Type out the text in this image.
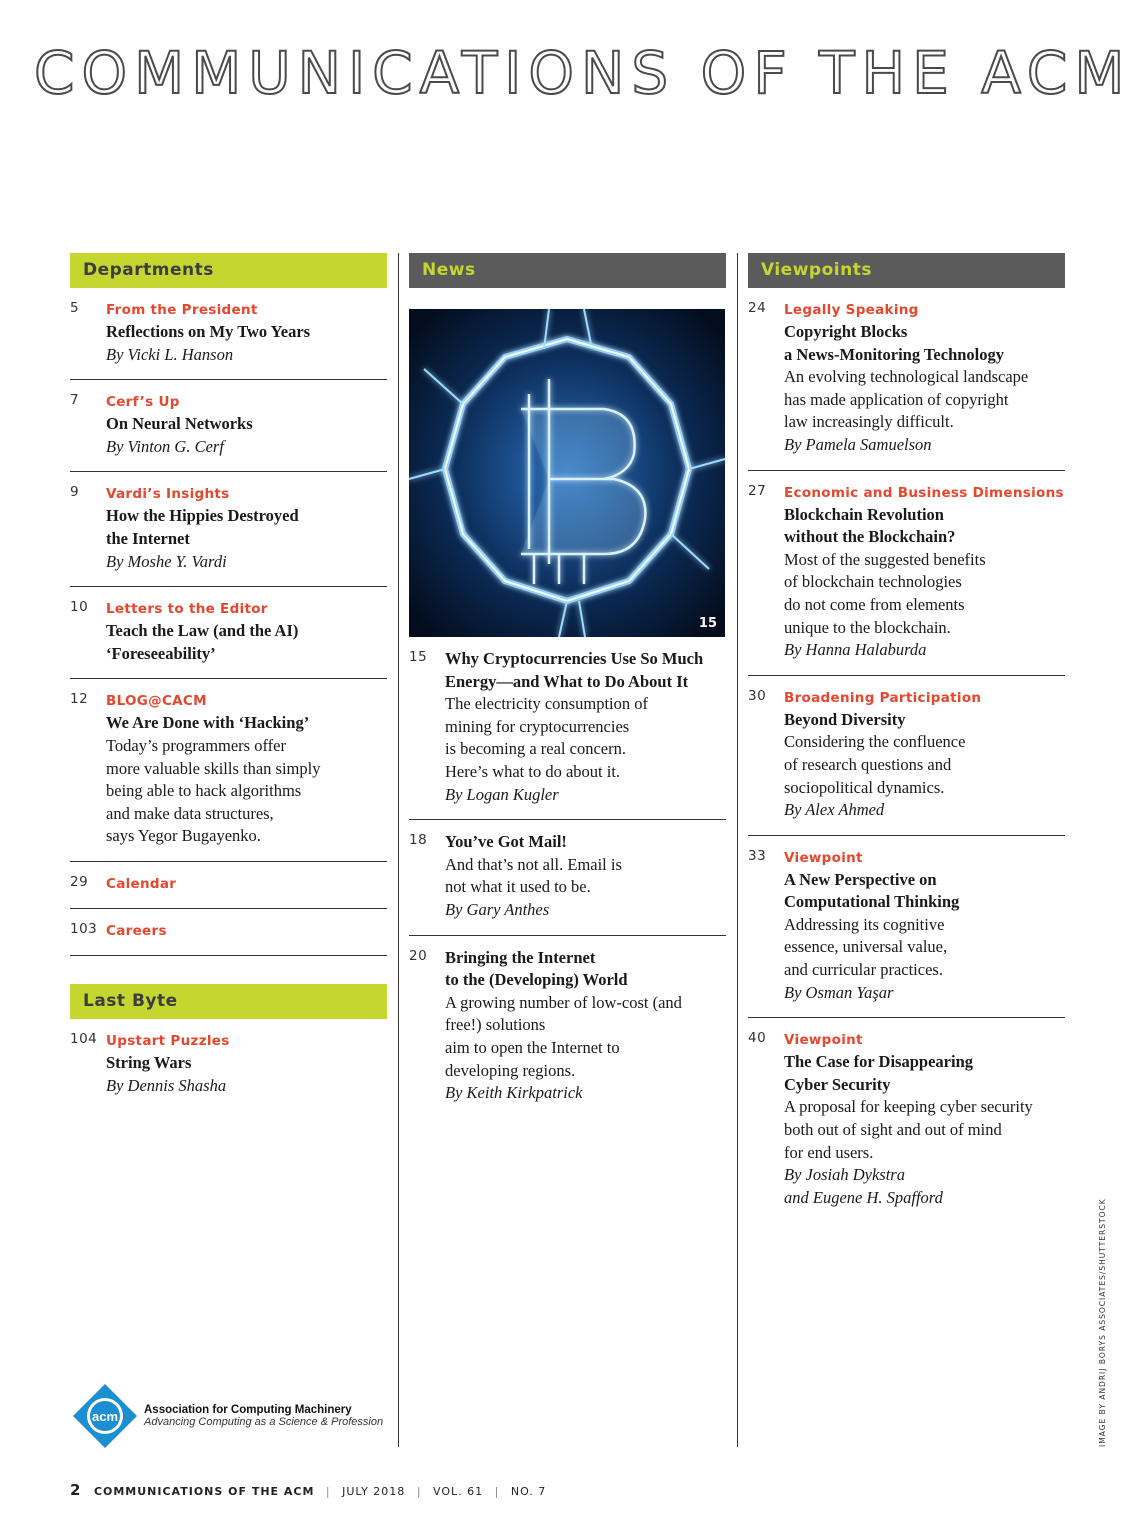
COMMUNICATIONS OF THE ACM
Departments
5 From the President
Reflections on My Two Years
By Vicki L. Hanson
7 Cerf’s Up
On Neural Networks
By Vinton G. Cerf
9 Vardi’s Insights
How the Hippies Destroyed
the Internet
By Moshe Y. Vardi
10 Letters to the Editor
Teach the Law (and the AI)
‘Foreseeability’
12 BLOG@CACM
We Are Done with ‘Hacking’
Today’s programmers offer
more valuable skills than simply
being able to hack algorithms
and make data structures,
says Yegor Bugayenko.
29 Calendar
103 Careers
Last Byte
104 Upstart Puzzles
String Wars
By Dennis Shasha
News
15
15 Why Cryptocurrencies Use So Much
Energy—and What to Do About It
The electricity consumption of
mining for cryptocurrencies
is becoming a real concern.
Here’s what to do about it.
By Logan Kugler
18 You’ve Got Mail!
And that’s not all. Email is
not what it used to be.
By Gary Anthes
20 Bringing the Internet
to the (Developing) World
A growing number of low-cost (and
free!) solutions
aim to open the Internet to
developing regions.
By Keith Kirkpatrick
Viewpoints
24 Legally Speaking
Copyright Blocks
a News-Monitoring Technology
An evolving technological landscape
has made application of copyright
law increasingly difficult.
By Pamela Samuelson
27 Economic and Business Dimensions
Blockchain Revolution
without the Blockchain?
Most of the suggested benefits
of blockchain technologies
do not come from elements
unique to the blockchain.
By Hanna Halaburda
30 Broadening Participation
Beyond Diversity
Considering the confluence
of research questions and
sociopolitical dynamics.
By Alex Ahmed
33 Viewpoint
A New Perspective on
Computational Thinking
Addressing its cognitive
essence, universal value,
and curricular practices.
By Osman Yaşar
40 Viewpoint
The Case for Disappearing
Cyber Security
A proposal for keeping cyber security
both out of sight and out of mind
for end users.
By Josiah Dykstra
and Eugene H. Spafford
acm Association for Computing Machinery
Advancing Computing as a Science & Profession
2 COMMUNICATIONS OF THE ACM | JULY 2018 | VOL. 61 | NO. 7
IMAGE BY ANDRIJ BORYS ASSOCIATES/SHUTTERSTOCK
